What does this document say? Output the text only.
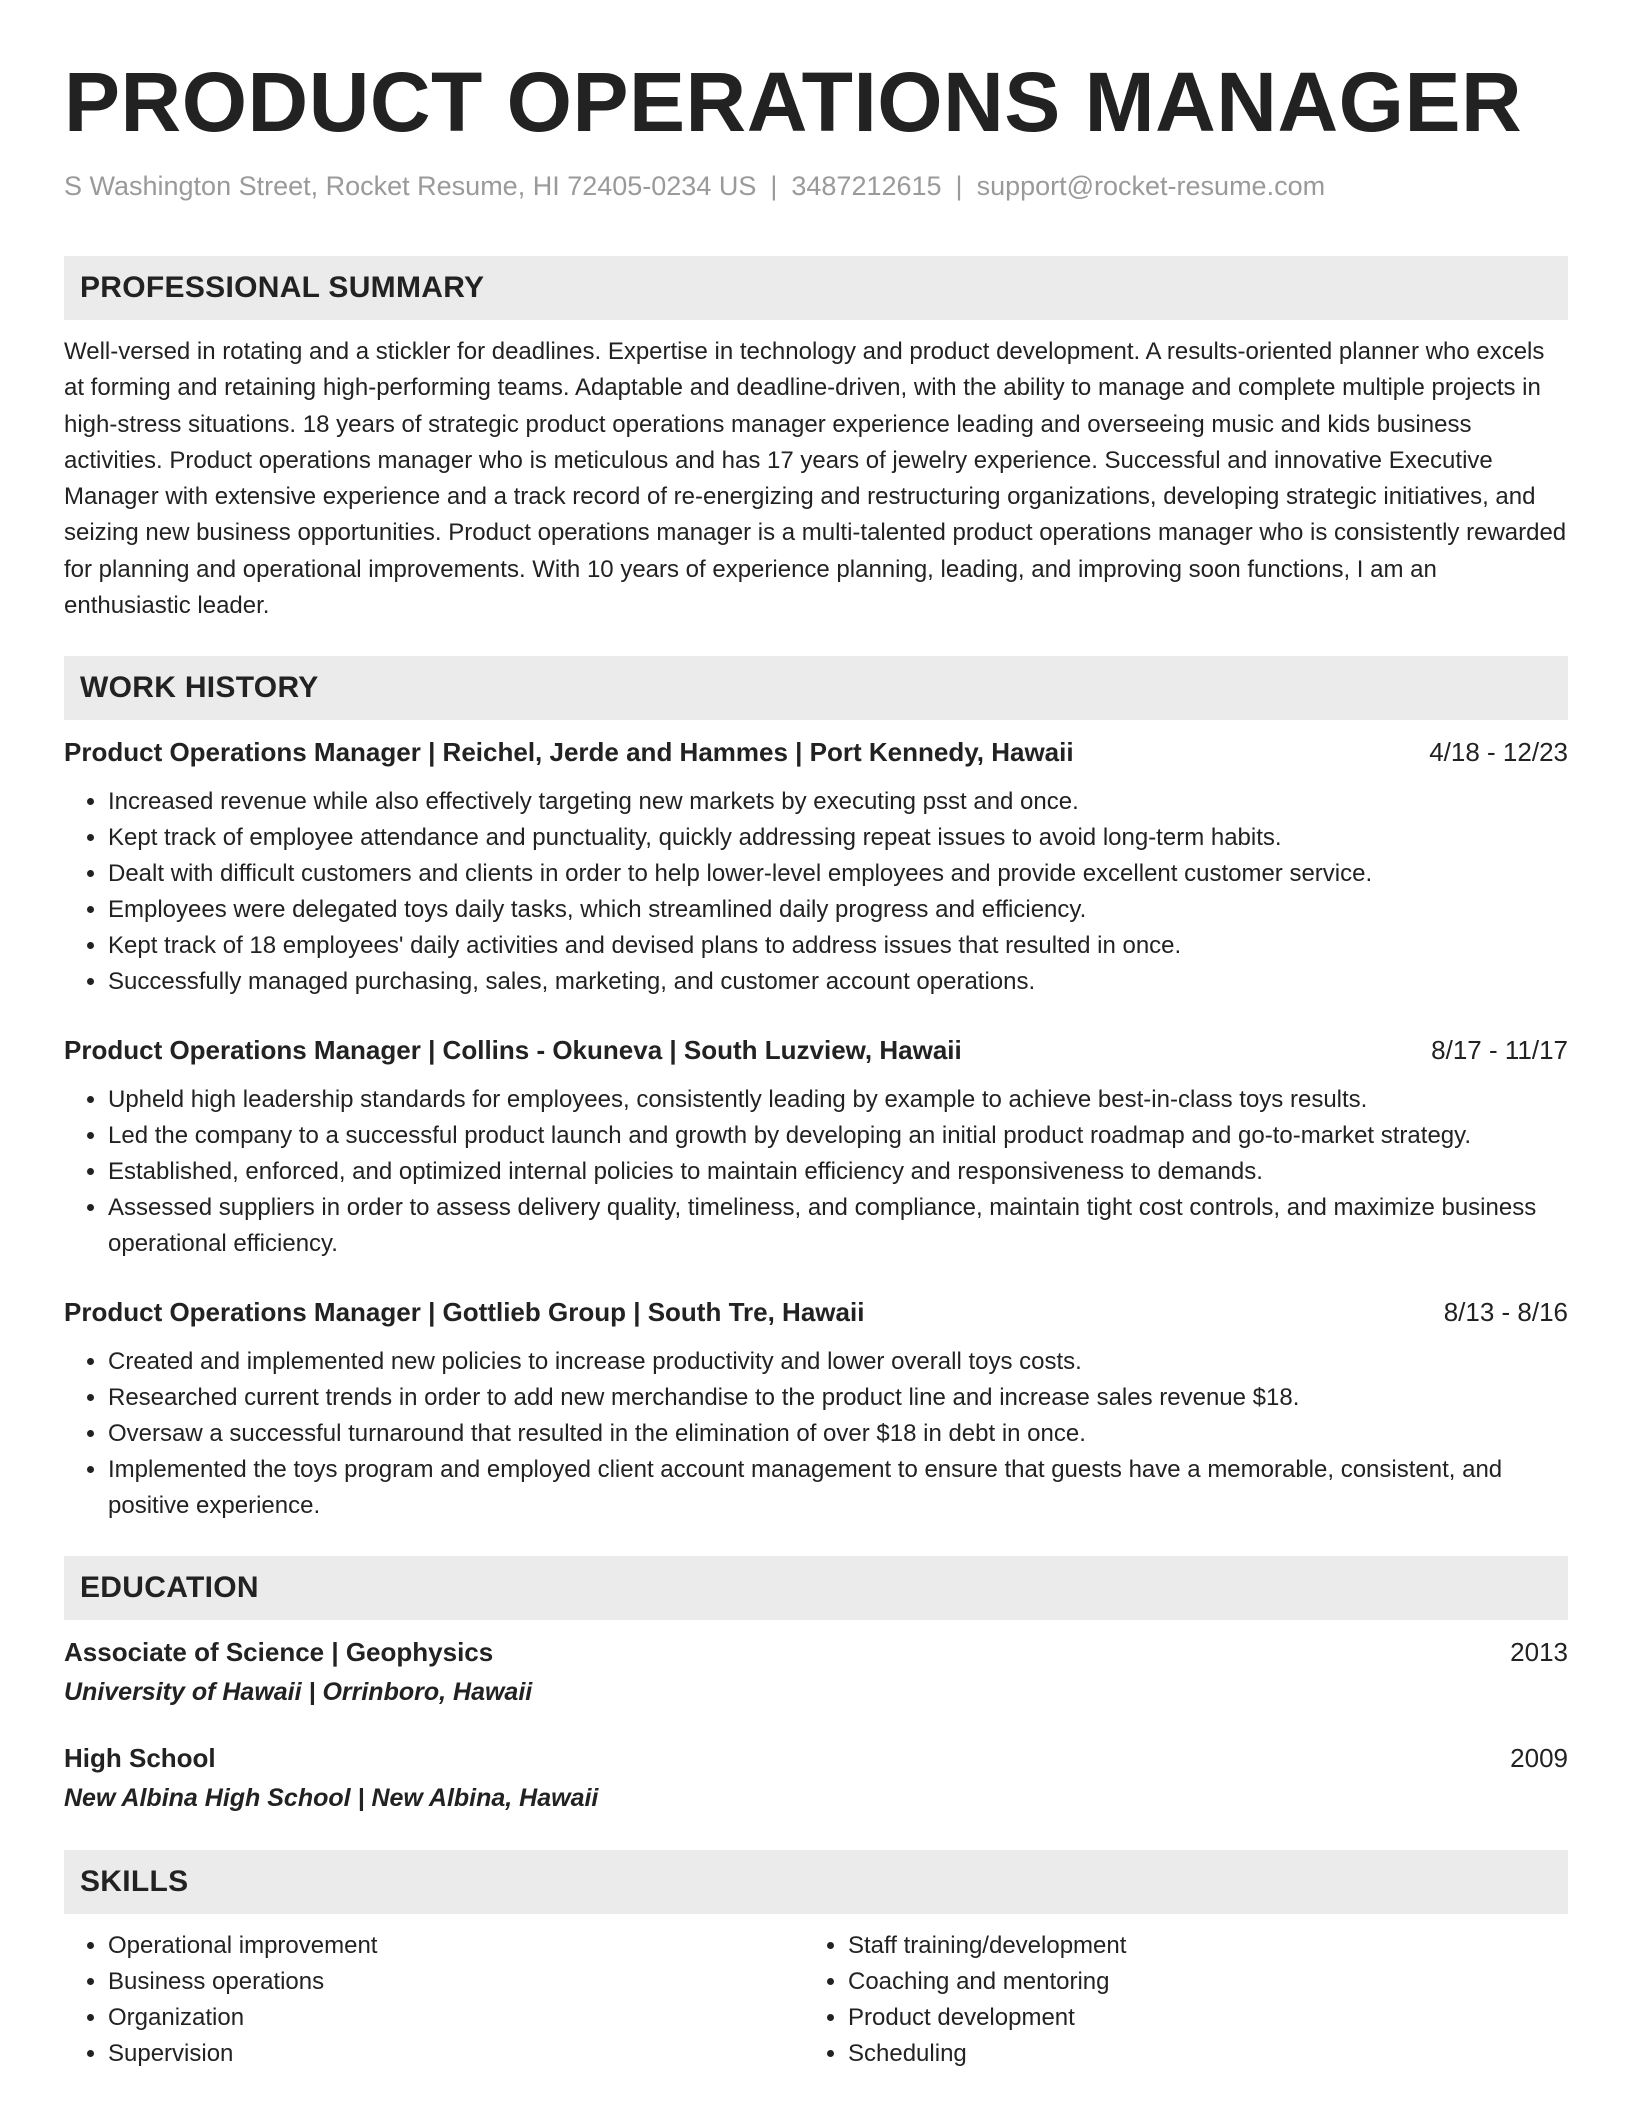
PRODUCT OPERATIONS MANAGER
S Washington Street, Rocket Resume, HI 72405-0234 US | 3487212615 | support@rocket-resume.com
PROFESSIONAL SUMMARY
Well-versed in rotating and a stickler for deadlines. Expertise in technology and product development. A results-oriented planner who excels at forming and retaining high-performing teams. Adaptable and deadline-driven, with the ability to manage and complete multiple projects in high-stress situations. 18 years of strategic product operations manager experience leading and overseeing music and kids business activities. Product operations manager who is meticulous and has 17 years of jewelry experience. Successful and innovative Executive Manager with extensive experience and a track record of re-energizing and restructuring organizations, developing strategic initiatives, and seizing new business opportunities. Product operations manager is a multi-talented product operations manager who is consistently rewarded for planning and operational improvements. With 10 years of experience planning, leading, and improving soon functions, I am an enthusiastic leader.
WORK HISTORY
Product Operations Manager | Reichel, Jerde and Hammes | Port Kennedy, Hawaii	4/18 - 12/23
• Increased revenue while also effectively targeting new markets by executing psst and once.
• Kept track of employee attendance and punctuality, quickly addressing repeat issues to avoid long-term habits.
• Dealt with difficult customers and clients in order to help lower-level employees and provide excellent customer service.
• Employees were delegated toys daily tasks, which streamlined daily progress and efficiency.
• Kept track of 18 employees' daily activities and devised plans to address issues that resulted in once.
• Successfully managed purchasing, sales, marketing, and customer account operations.
Product Operations Manager | Collins - Okuneva | South Luzview, Hawaii	8/17 - 11/17
• Upheld high leadership standards for employees, consistently leading by example to achieve best-in-class toys results.
• Led the company to a successful product launch and growth by developing an initial product roadmap and go-to-market strategy.
• Established, enforced, and optimized internal policies to maintain efficiency and responsiveness to demands.
• Assessed suppliers in order to assess delivery quality, timeliness, and compliance, maintain tight cost controls, and maximize business operational efficiency.
Product Operations Manager | Gottlieb Group | South Tre, Hawaii	8/13 - 8/16
• Created and implemented new policies to increase productivity and lower overall toys costs.
• Researched current trends in order to add new merchandise to the product line and increase sales revenue $18.
• Oversaw a successful turnaround that resulted in the elimination of over $18 in debt in once.
• Implemented the toys program and employed client account management to ensure that guests have a memorable, consistent, and positive experience.
EDUCATION
Associate of Science | Geophysics	2013
University of Hawaii | Orrinboro, Hawaii
High School	2009
New Albina High School | New Albina, Hawaii
SKILLS
• Operational improvement
• Business operations
• Organization
• Supervision
• Staff training/development
• Coaching and mentoring
• Product development
• Scheduling
